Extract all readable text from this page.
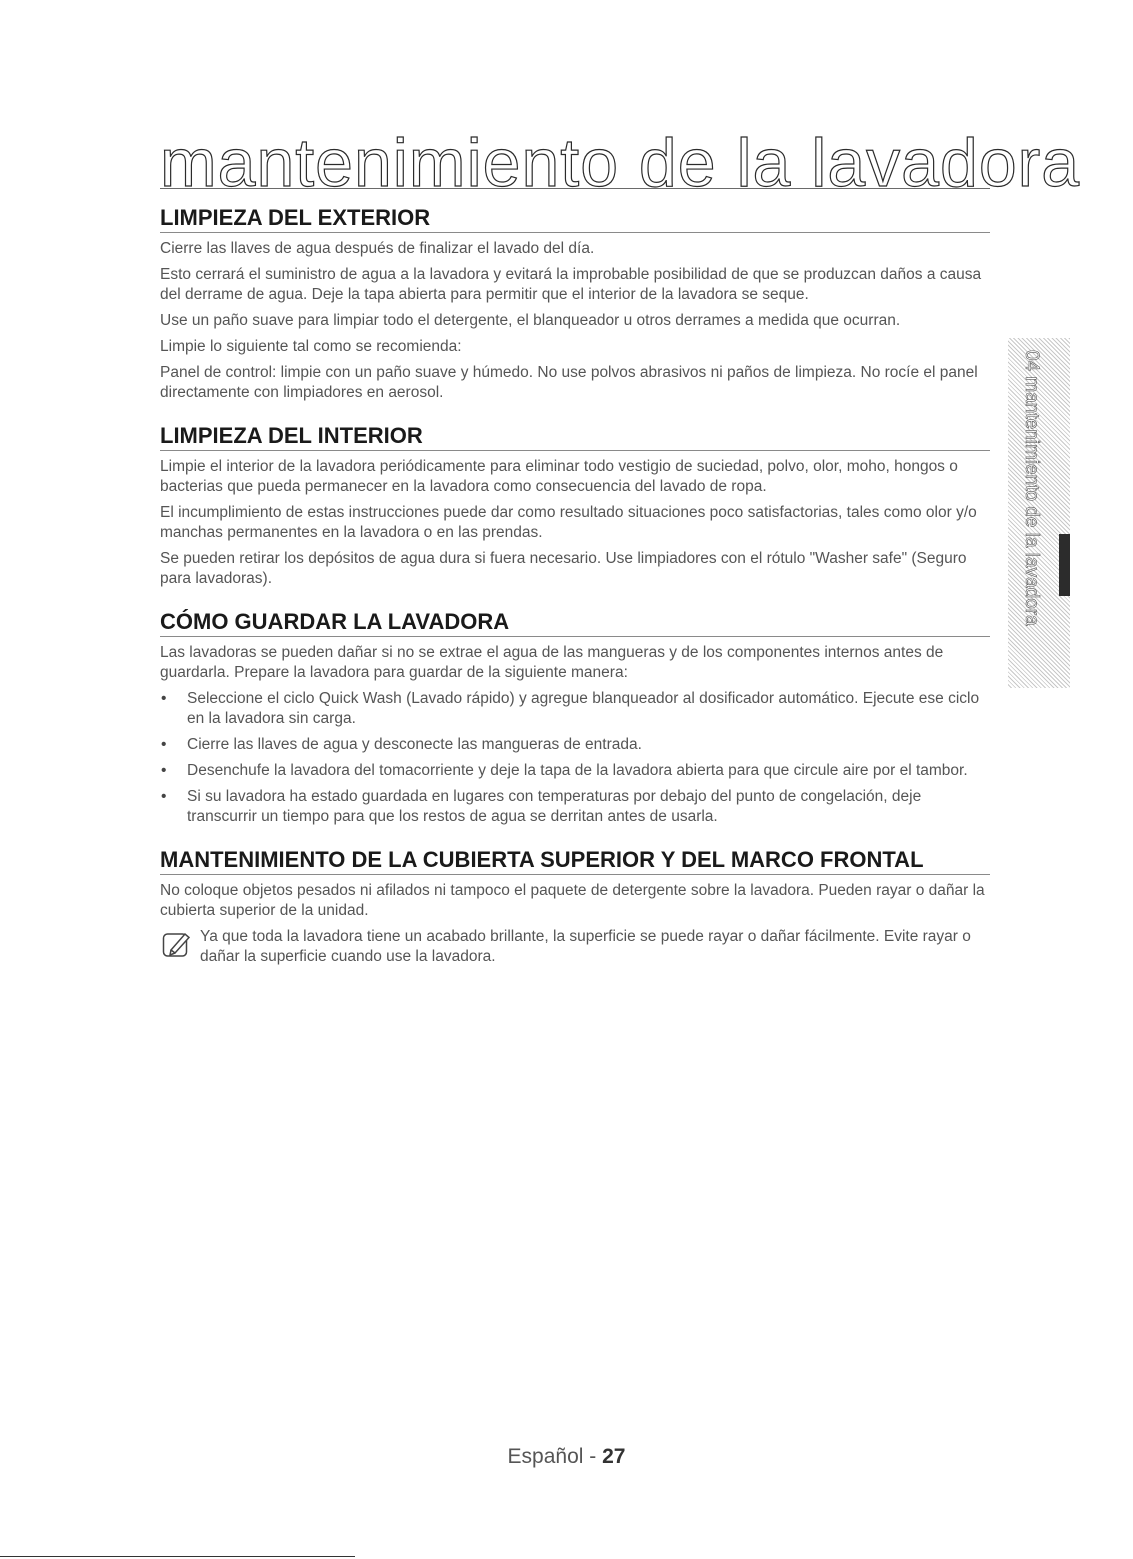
mantenimiento de la lavadora
04 mantenimiento de la lavadora
LIMPIEZA DEL EXTERIOR

Cierre las llaves de agua después de finalizar el lavado del día.

Esto cerrará el suministro de agua a la lavadora y evitará la improbable posibilidad de que se produzcan daños a causa del derrame de agua. Deje la tapa abierta para permitir que el interior de la lavadora se seque.

Use un paño suave para limpiar todo el detergente, el blanqueador u otros derrames a medida que ocurran.

Limpie lo siguiente tal como se recomienda:

Panel de control: limpie con un paño suave y húmedo. No use polvos abrasivos ni paños de limpieza. No rocíe el panel directamente con limpiadores en aerosol.

LIMPIEZA DEL INTERIOR

Limpie el interior de la lavadora periódicamente para eliminar todo vestigio de suciedad, polvo, olor, moho, hongos o bacterias que pueda permanecer en la lavadora como consecuencia del lavado de ropa.

El incumplimiento de estas instrucciones puede dar como resultado situaciones poco satisfactorias, tales como olor y/o manchas permanentes en la lavadora o en las prendas.

Se pueden retirar los depósitos de agua dura si fuera necesario. Use limpiadores con el rótulo "Washer safe" (Seguro para lavadoras).

CÓMO GUARDAR LA LAVADORA

Las lavadoras se pueden dañar si no se extrae el agua de las mangueras y de los componentes internos antes de guardarla. Prepare la lavadora para guardar de la siguiente manera:

• Seleccione el ciclo Quick Wash (Lavado rápido) y agregue blanqueador al dosificador automático. Ejecute ese ciclo en la lavadora sin carga.
• Cierre las llaves de agua y desconecte las mangueras de entrada.
• Desenchufe la lavadora del tomacorriente y deje la tapa de la lavadora abierta para que circule aire por el tambor.
• Si su lavadora ha estado guardada en lugares con temperaturas por debajo del punto de congelación, deje transcurrir un tiempo para que los restos de agua se derritan antes de usarla.
MANTENIMIENTO DE LA CUBIERTA SUPERIOR Y DEL MARCO FRONTAL

No coloque objetos pesados ni afilados ni tampoco el paquete de detergente sobre la lavadora. Pueden rayar o dañar la cubierta superior de la unidad.

Ya que toda la lavadora tiene un acabado brillante, la superficie se puede rayar o dañar fácilmente. Evite rayar o dañar la superficie cuando use la lavadora.

Español - 27
